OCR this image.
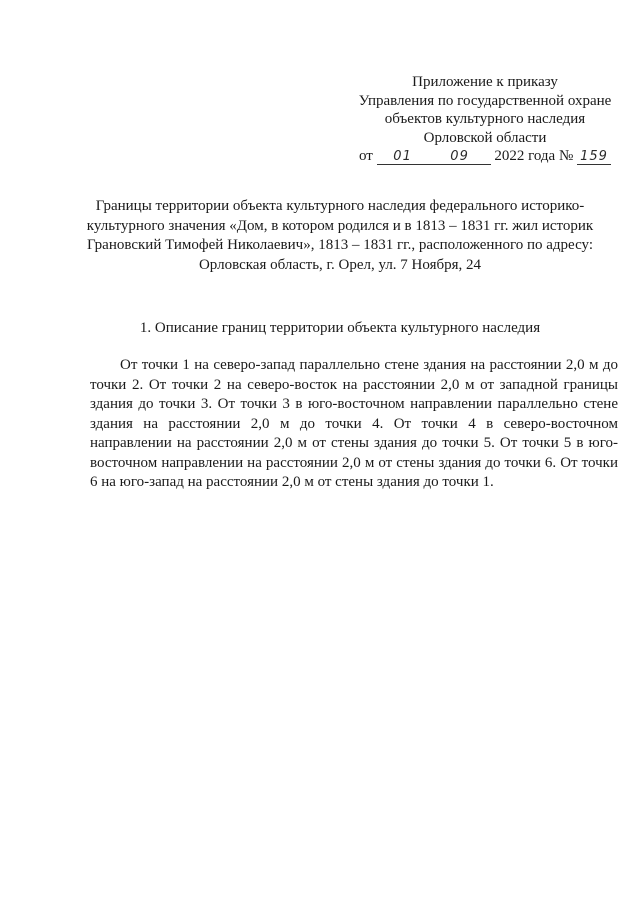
Приложение к приказу
Управления по государственной охране
объектов культурного наследия
Орловской области
от 01	09 2022 года № 159
Границы территории объекта культурного наследия федерального историко-
культурного значения «Дом, в котором родился и в 1813 – 1831 гг. жил историк
Грановский Тимофей Николаевич», 1813 – 1831 гг., расположенного по адресу:
Орловская область, г. Орел, ул. 7 Ноября, 24
1. Описание границ территории объекта культурного наследия

От точки 1 на северо-запад параллельно стене здания на расстоянии 2,0 м до точки 2. От точки 2 на северо-восток на расстоянии 2,0 м от западной границы здания до точки 3. От точки 3 в юго-восточном направлении параллельно стене здания на расстоянии 2,0 м до точки 4. От точки 4 в северо-восточном направлении на расстоянии 2,0 м от стены здания до точки 5. От точки 5 в юго-восточном направлении на расстоянии 2,0 м от стены здания до точки 6. От точки 6 на юго-запад на расстоянии 2,0 м от стены здания до точки 1.
